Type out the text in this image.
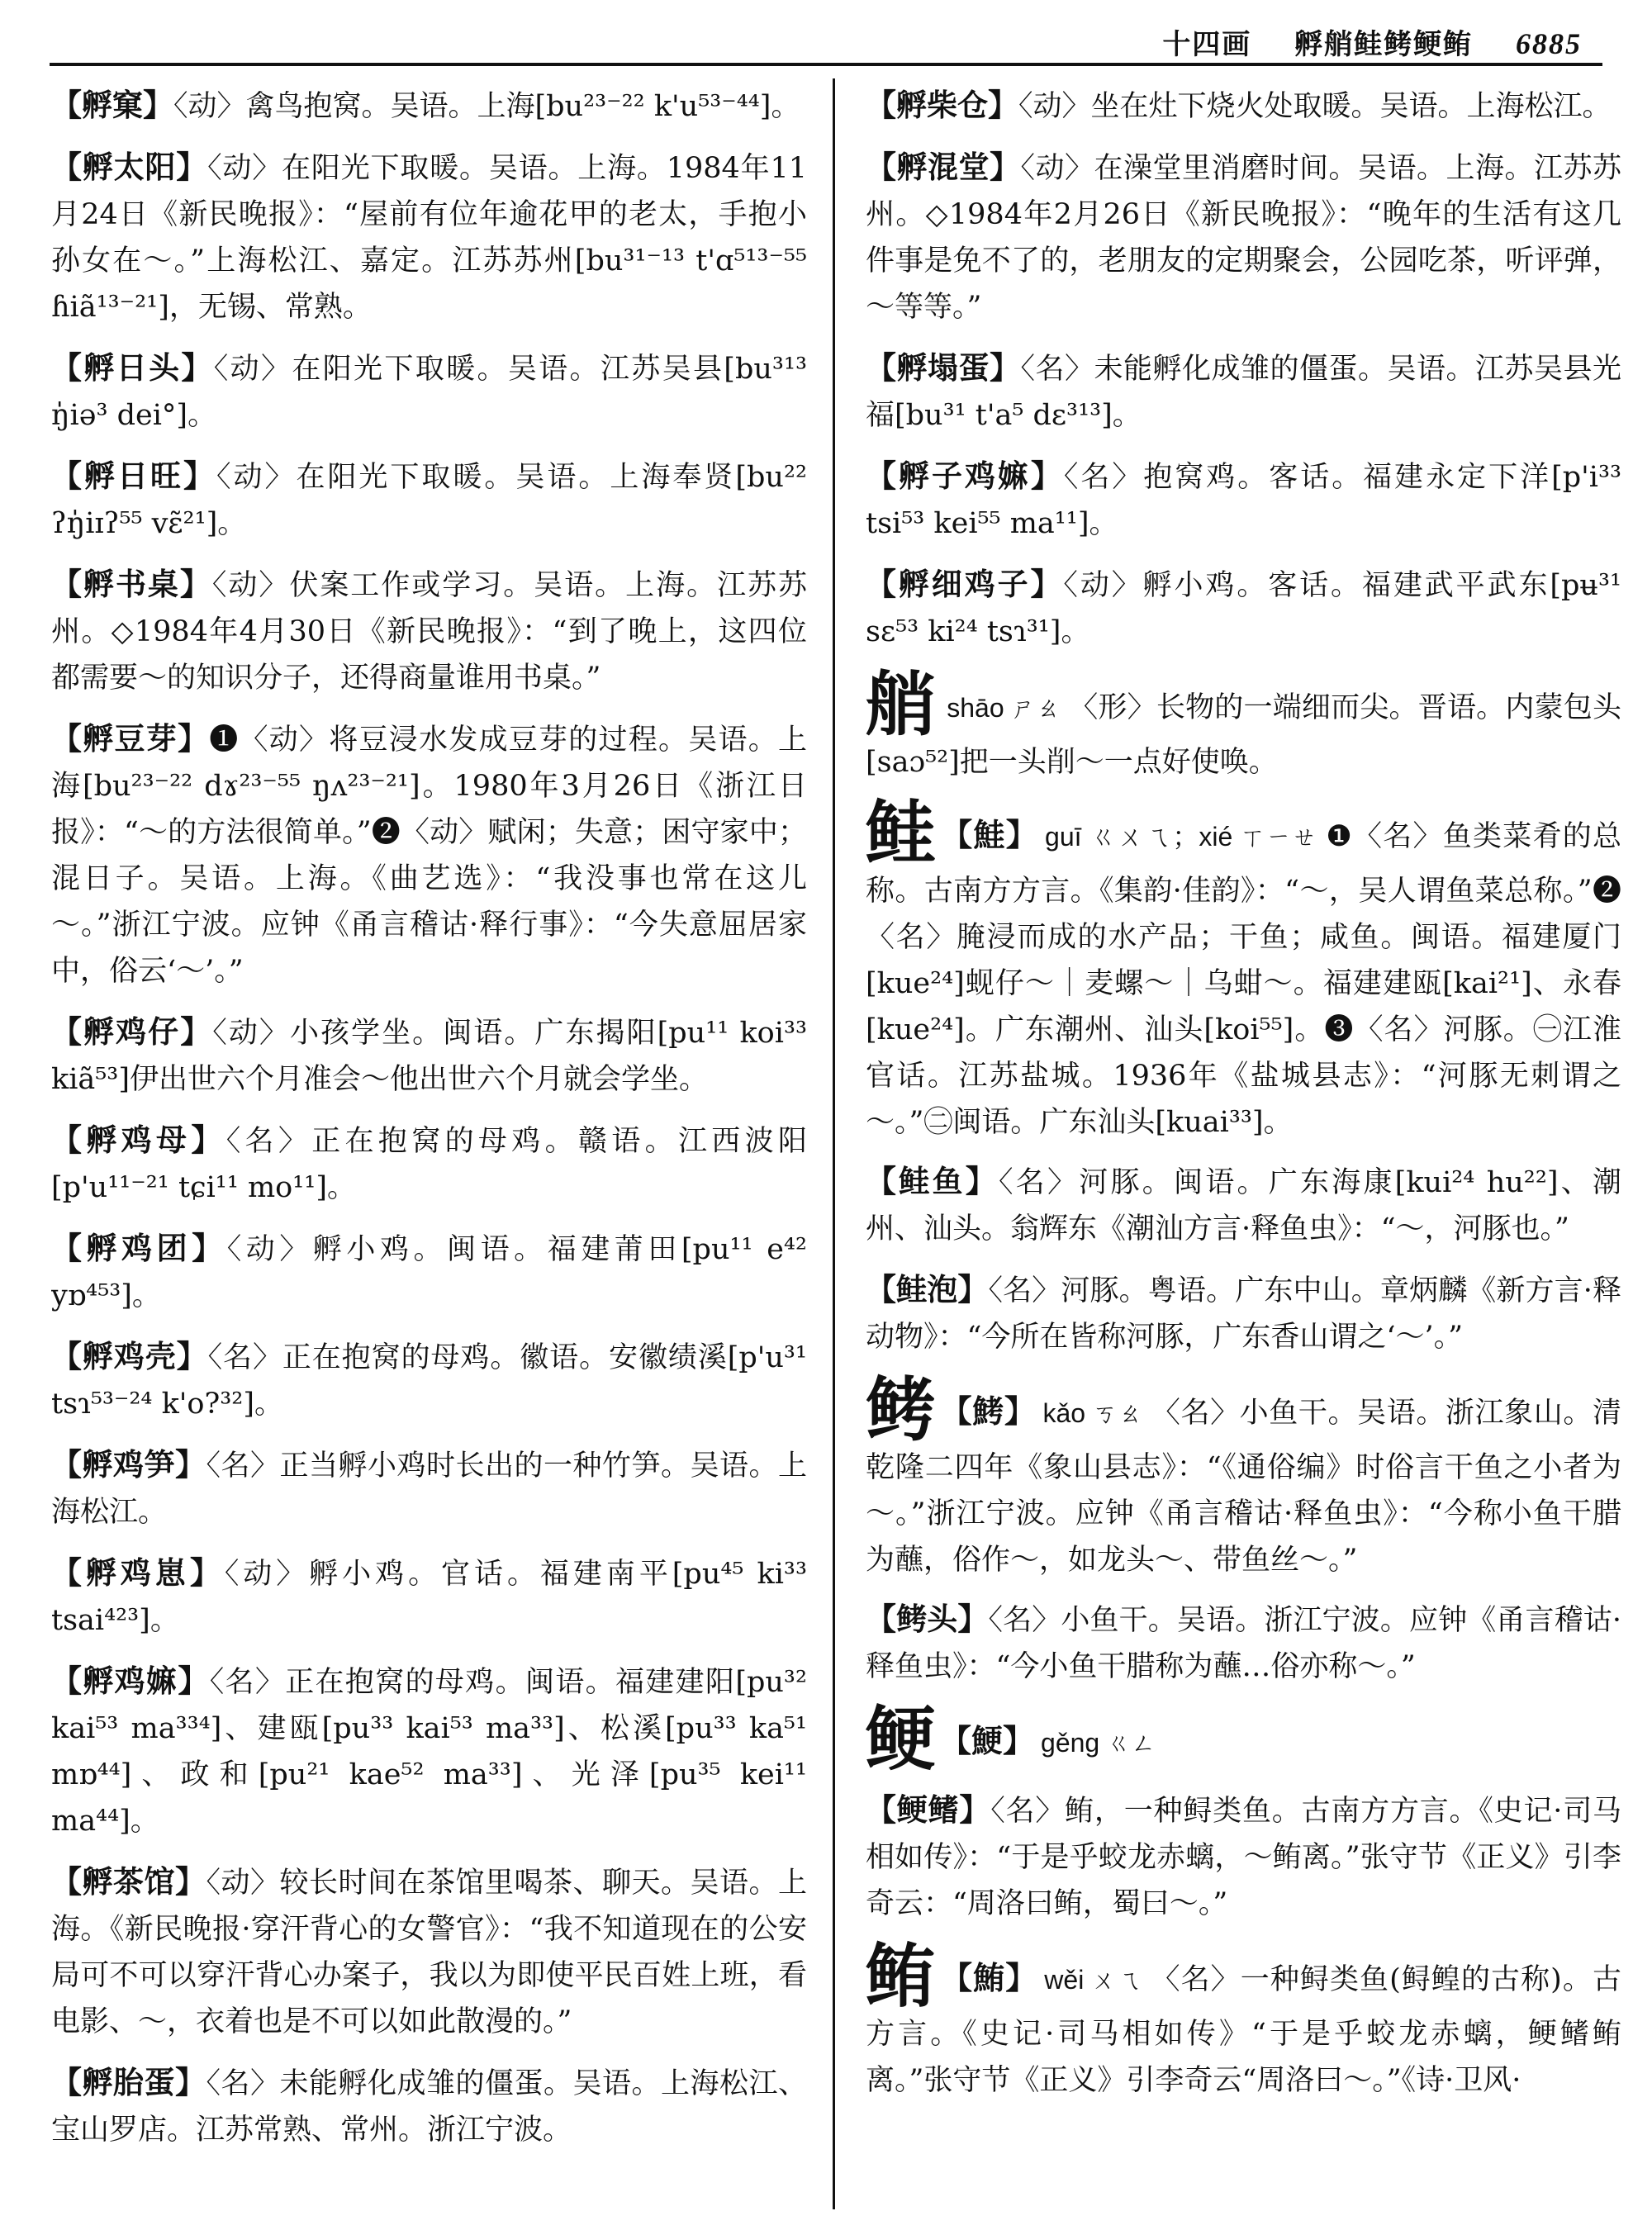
十四画 孵艄鲑鲓鲠鲔 6885

【孵窠】〈动〉禽鸟抱窝。吴语。上海[bu²³⁻²² k'u⁵³⁻⁴⁴]。

【孵太阳】〈动〉在阳光下取暖。吴语。上海。1984年11月24日《新民晚报》：“屋前有位年逾花甲的老太，手抱小孙女在～。”上海松江、嘉定。江苏苏州[bu³¹⁻¹³ t'ɑ⁵¹³⁻⁵⁵ ɦiã¹³⁻²¹]，无锡、常熟。

【孵日头】〈动〉在阳光下取暖。吴语。江苏吴县[bu³¹³ ŋ̍iə³ dei°]。

【孵日旺】〈动〉在阳光下取暖。吴语。上海奉贤[bu²² ʔŋ̍iɪʔ⁵⁵ vɛ̃²¹]。

【孵书桌】〈动〉伏案工作或学习。吴语。上海。江苏苏州。◇1984年4月30日《新民晚报》：“到了晚上，这四位都需要～的知识分子，还得商量谁用书桌。”

【孵豆芽】❶〈动〉将豆浸水发成豆芽的过程。吴语。上海[bu²³⁻²² dɤ²³⁻⁵⁵ ŋʌ²³⁻²¹]。1980年3月26日《浙江日报》：“～的方法很简单。”❷〈动〉赋闲；失意；困守家中；混日子。吴语。上海。《曲艺选》：“我没事也常在这儿～。”浙江宁波。应钟《甬言稽诂·释行事》：“今失意屈居家中，俗云‘～’。”

【孵鸡仔】〈动〉小孩学坐。闽语。广东揭阳[pu¹¹ koi³³ kiã⁵³]伊出世六个月准会～他出世六个月就会学坐。

【孵鸡母】〈名〉正在抱窝的母鸡。赣语。江西波阳[p'u¹¹⁻²¹ tɕi¹¹ mo¹¹]。

【孵鸡团】〈动〉孵小鸡。闽语。福建莆田[pu¹¹ e⁴² yɒ⁴⁵³]。

【孵鸡壳】〈名〉正在抱窝的母鸡。徽语。安徽绩溪[p'u³¹ tsɿ⁵³⁻²⁴ k'o?³²]。

【孵鸡笋】〈名〉正当孵小鸡时长出的一种竹笋。吴语。上海松江。

【孵鸡崽】〈动〉孵小鸡。官话。福建南平[pu⁴⁵ ki³³ tsai⁴²³]。

【孵鸡嫲】〈名〉正在抱窝的母鸡。闽语。福建建阳[pu³² kai⁵³ ma³³⁴]、建瓯[pu³³ kai⁵³ ma³³]、松溪[pu³³ ka⁵¹ mɒ⁴⁴]、政和[pu²¹ kae⁵² ma³³]、光泽[pu³⁵ kei¹¹ ma⁴⁴]。

【孵茶馆】〈动〉较长时间在茶馆里喝茶、聊天。吴语。上海。《新民晚报·穿汗背心的女警官》：“我不知道现在的公安局可不可以穿汗背心办案子，我以为即使平民百姓上班，看电影、～，衣着也是不可以如此散漫的。”

【孵胎蛋】〈名〉未能孵化成雏的僵蛋。吴语。上海松江、宝山罗店。江苏常熟、常州。浙江宁波。

【孵柴仓】〈动〉坐在灶下烧火处取暖。吴语。上海松江。

【孵混堂】〈动〉在澡堂里消磨时间。吴语。上海。江苏苏州。◇1984年2月26日《新民晚报》：“晚年的生活有这几件事是免不了的，老朋友的定期聚会，公园吃茶，听评弹，～等等。”

【孵塌蛋】〈名〉未能孵化成雏的僵蛋。吴语。江苏吴县光福[bu³¹ t'a⁵ dɛ³¹³]。

【孵子鸡嫲】〈名〉抱窝鸡。客话。福建永定下洋[p'i³³ tsi⁵³ kei⁵⁵ ma¹¹]。

【孵细鸡子】〈动〉孵小鸡。客话。福建武平武东[pʉ³¹ sɛ⁵³ ki²⁴ tsɿ³¹]。

艄shāo ㄕㄠ 〈形〉长物的一端细而尖。晋语。内蒙包头[saɔ⁵²]把一头削～一点好使唤。

鲑 【鮭】 guī ㄍㄨㄟ；xié ㄒㄧㄝ ❶〈名〉鱼类菜肴的总称。古南方方言。《集韵·佳韵》：“～，吴人谓鱼菜总称。”❷〈名〉腌浸而成的水产品；干鱼；咸鱼。闽语。福建厦门[kue²⁴]蚬仔～｜麦螺～｜乌蚶～。福建建瓯[kai²¹]、永春[kue²⁴]。广东潮州、汕头[koi⁵⁵]。❸〈名〉河豚。㊀江淮官话。江苏盐城。1936年《盐城县志》：“河豚无刺谓之～。”㊁闽语。广东汕头[kuai³³]。

【鲑鱼】〈名〉河豚。闽语。广东海康[kui²⁴ hu²²]、潮州、汕头。翁辉东《潮汕方言·释鱼虫》：“～，河豚也。”

【鲑泡】〈名〉河豚。粤语。广东中山。章炳麟《新方言·释动物》：“今所在皆称河豚，广东香山谓之‘～’。”

鲓 【鮳】 kǎo ㄎㄠ 〈名〉小鱼干。吴语。浙江象山。清乾隆二四年《象山县志》：“《通俗编》时俗言干鱼之小者为～。”浙江宁波。应钟《甬言稽诂·释鱼虫》：“今称小鱼干腊为蘸，俗作～，如龙头～、带鱼丝～。”

【鲓头】〈名〉小鱼干。吴语。浙江宁波。应钟《甬言稽诂·释鱼虫》：“今小鱼干腊称为蘸…俗亦称～。”

鲠 【鯁】 gěng ㄍㄥ

【鲠鳍】〈名〉鲔，一种鲟类鱼。古南方方言。《史记·司马相如传》：“于是乎蛟龙赤螭，～鲔离。”张守节《正义》引李奇云：“周洛曰鲔，蜀曰～。”

鲔 【鮪】 wěi ㄨㄟ 〈名〉一种鲟类鱼(鲟鳇的古称)。古方言。《史记·司马相如传》“于是乎蛟龙赤螭，鲠鳍鲔离。”张守节《正义》引李奇云“周洛曰～。”《诗·卫风·
